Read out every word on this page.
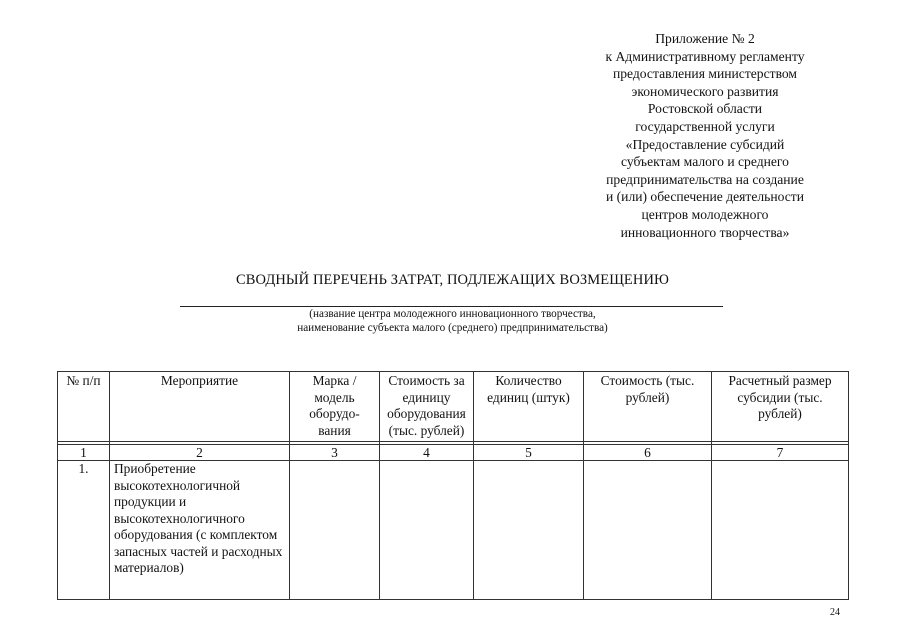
Приложение № 2
к Административному регламенту
предоставления министерством
экономического развития
Ростовской области
государственной услуги
«Предоставление субсидий
субъектам малого и среднего
предпринимательства на создание
и (или) обеспечение деятельности
центров молодежного
инновационного творчества»
СВОДНЫЙ ПЕРЕЧЕНЬ ЗАТРАТ, ПОДЛЕЖАЩИХ ВОЗМЕЩЕНИЮ
(название центра молодежного инновационного творчества,
наименование субъекта малого (среднего) предпринимательства)
№ п/п	Мероприятие	Марка / модель оборудо-вания	Стоимость за единицу оборудования (тыс. рублей)	Количество единиц (штук)	Стоимость (тыс. рублей)	Расчетный размер субсидии (тыс. рублей)

1	2	3	4	5	6	7
1.	Приобретение высокотехнологичной продукции и высокотехнологичного оборудования (с комплектом запасных частей и расходных материалов)					
24
